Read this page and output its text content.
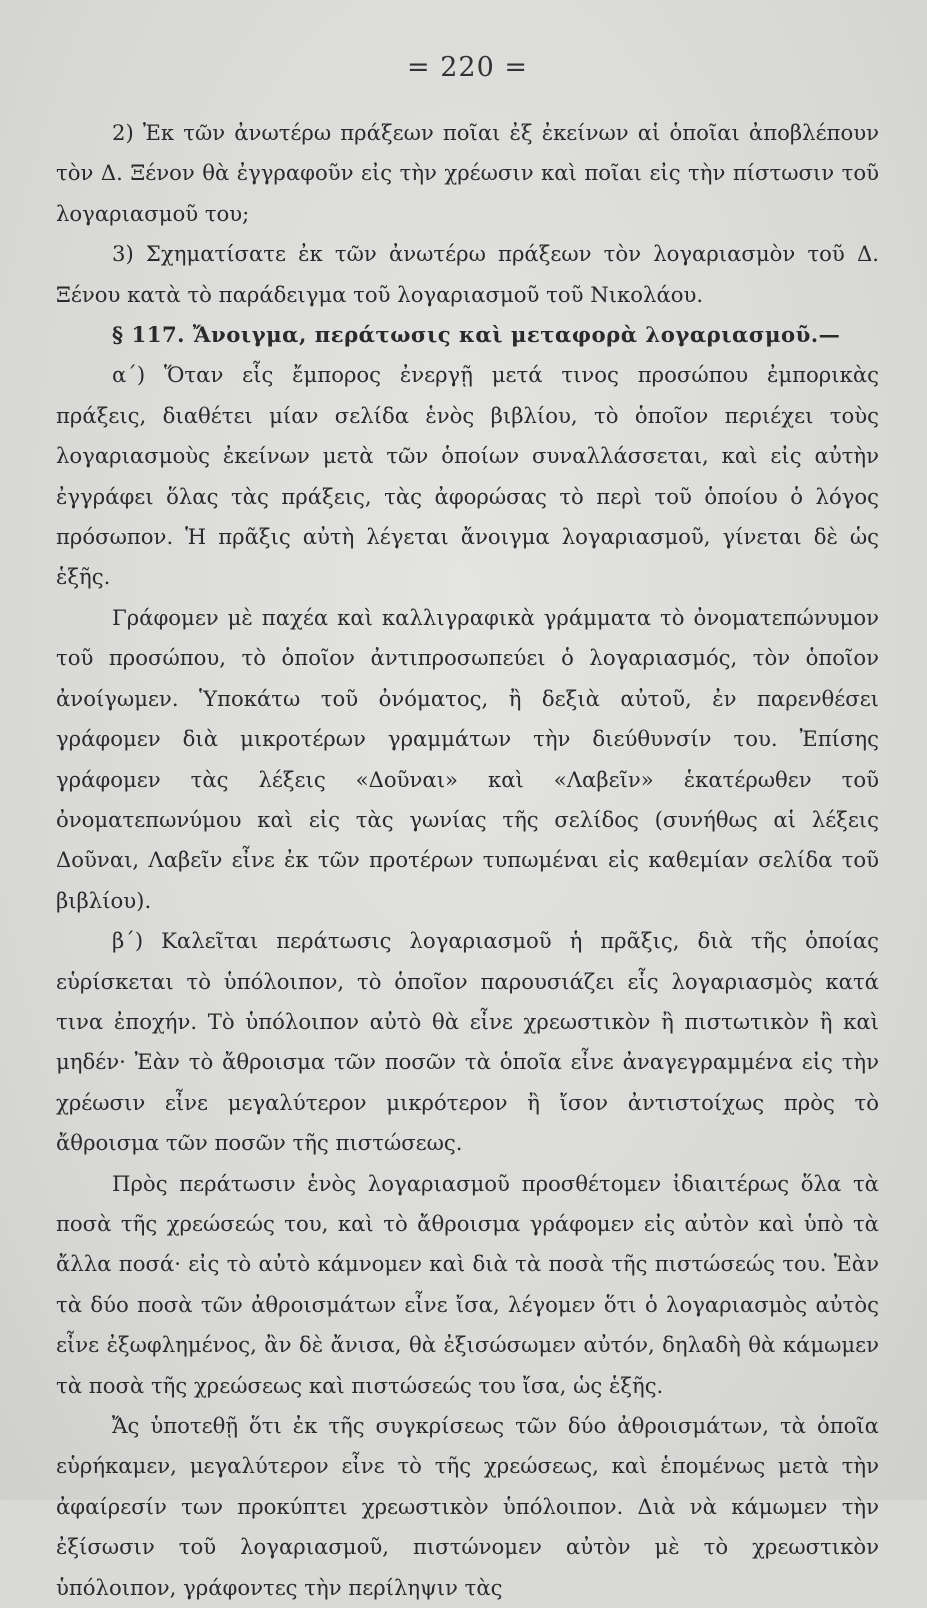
= 220 =

2) Ἐκ τῶν ἀνωτέρω πράξεων ποῖαι ἐξ ἐκείνων αἱ ὁποῖαι ἀποβλέπουν τὸν Δ. Ξένον θὰ ἐγγραφοῦν εἰς τὴν χρέωσιν καὶ ποῖαι εἰς τὴν πίστωσιν τοῦ λογαριασμοῦ του;

3) Σχηματίσατε ἐκ τῶν ἀνωτέρω πράξεων τὸν λογαριασμὸν τοῦ Δ. Ξένου κατὰ τὸ παράδειγμα τοῦ λογαριασμοῦ τοῦ Νικολάου.

§ 117. Ἄνοιγμα, περάτωσις καὶ μεταφορὰ λογαριασμοῦ.—

α΄) Ὅταν εἷς ἔμπορος ἐνεργῇ μετά τινος προσώπου ἐμπορικὰς πράξεις, διαθέτει μίαν σελίδα ἑνὸς βιβλίου, τὸ ὁποῖον περιέχει τοὺς λογαριασμοὺς ἐκείνων μετὰ τῶν ὁποίων συναλλάσσεται, καὶ εἰς αὐτὴν ἐγγράφει ὅλας τὰς πράξεις, τὰς ἀφορώσας τὸ περὶ τοῦ ὁποίου ὁ λόγος πρόσωπον. Ἡ πρᾶξις αὐτὴ λέγεται ἄνοιγμα λογαριασμοῦ, γίνεται δὲ ὡς ἑξῆς.

Γράφομεν μὲ παχέα καὶ καλλιγραφικὰ γράμματα τὸ ὀνοματεπώνυμον τοῦ προσώπου, τὸ ὁποῖον ἀντιπροσωπεύει ὁ λογαριασμός, τὸν ὁποῖον ἀνοίγωμεν. Ὑποκάτω τοῦ ὀνόματος, ἢ δεξιὰ αὐτοῦ, ἐν παρενθέσει γράφομεν διὰ μικροτέρων γραμμάτων τὴν διεύθυνσίν του. Ἐπίσης γράφομεν τὰς λέξεις «Δοῦναι» καὶ «Λαβεῖν» ἑκατέρωθεν τοῦ ὀνοματεπωνύμου καὶ εἰς τὰς γωνίας τῆς σελίδος (συνήθως αἱ λέξεις Δοῦναι, Λαβεῖν εἶνε ἐκ τῶν προτέρων τυπωμέναι εἰς καθεμίαν σελίδα τοῦ βιβλίου).

β΄) Καλεῖται περάτωσις λογαριασμοῦ ἡ πρᾶξις, διὰ τῆς ὁποίας εὑρίσκεται τὸ ὑπόλοιπον, τὸ ὁποῖον παρουσιάζει εἷς λογαριασμὸς κατά τινα ἐποχήν. Τὸ ὑπόλοιπον αὐτὸ θὰ εἶνε χρεωστικὸν ἢ πιστωτικὸν ἢ καὶ μηδέν· Ἐὰν τὸ ἄθροισμα τῶν ποσῶν τὰ ὁποῖα εἶνε ἀναγεγραμμένα εἰς τὴν χρέωσιν εἶνε μεγαλύτερον μικρότερον ἢ ἴσον ἀντιστοίχως πρὸς τὸ ἄθροισμα τῶν ποσῶν τῆς πιστώσεως.

Πρὸς περάτωσιν ἑνὸς λογαριασμοῦ προσθέτομεν ἰδιαιτέρως ὅλα τὰ ποσὰ τῆς χρεώσεώς του, καὶ τὸ ἄθροισμα γράφομεν εἰς αὐτὸν καὶ ὑπὸ τὰ ἄλλα ποσά· εἰς τὸ αὐτὸ κάμνομεν καὶ διὰ τὰ ποσὰ τῆς πιστώσεώς του. Ἐὰν τὰ δύο ποσὰ τῶν ἀθροισμάτων εἶνε ἴσα, λέγομεν ὅτι ὁ λογαριασμὸς αὐτὸς εἶνε ἐξωφλημένος, ἂν δὲ ἄνισα, θὰ ἐξισώσωμεν αὐτόν, δηλαδὴ θὰ κάμωμεν τὰ ποσὰ τῆς χρεώσεως καὶ πιστώσεώς του ἴσα, ὡς ἑξῆς.

Ἄς ὑποτεθῇ ὅτι ἐκ τῆς συγκρίσεως τῶν δύο ἀθροισμάτων, τὰ ὁποῖα εὑρήκαμεν, μεγαλύτερον εἶνε τὸ τῆς χρεώσεως, καὶ ἑπομένως μετὰ τὴν ἀφαίρεσίν των προκύπτει χρεωστικὸν ὑπόλοιπον. Διὰ νὰ κάμωμεν τὴν ἐξίσωσιν τοῦ λογαριασμοῦ, πιστώνομεν αὐτὸν μὲ τὸ χρεωστικὸν ὑπόλοιπον, γράφοντες τὴν περίληψιν τὰς
